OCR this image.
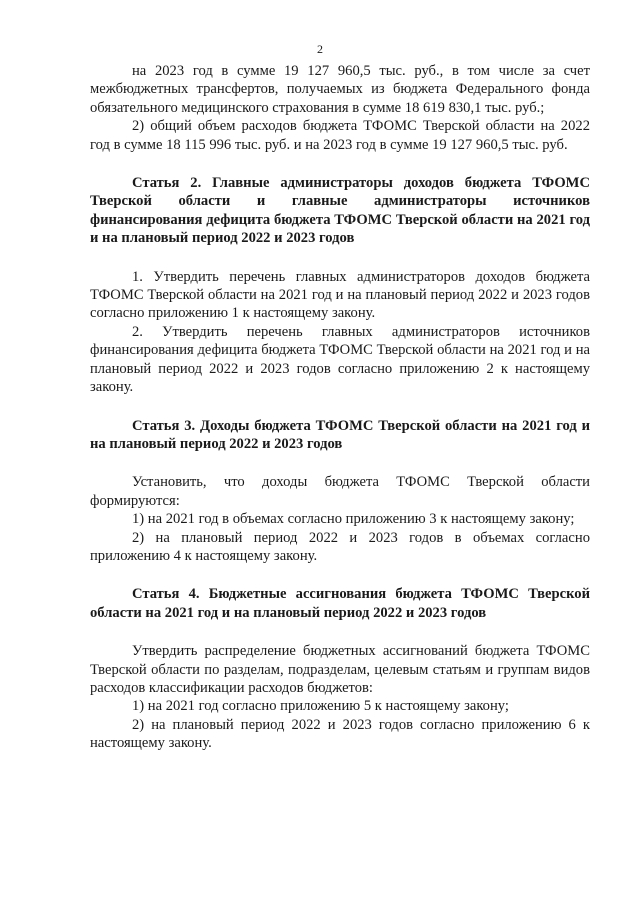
2

на 2023 год в сумме 19 127 960,5 тыс. руб., в том числе за счет межбюджетных трансфертов, получаемых из бюджета Федерального фонда обязательного медицинского страхования в сумме 18 619 830,1 тыс. руб.;

2) общий объем расходов бюджета ТФОМС Тверской области на 2022 год в сумме 18 115 996 тыс. руб. и на 2023 год в сумме 19 127 960,5 тыс. руб.

Статья 2. Главные администраторы доходов бюджета ТФОМС Тверской области и главные администраторы источников финансирования дефицита бюджета ТФОМС Тверской области на 2021 год и на плановый период 2022 и 2023 годов

1. Утвердить перечень главных администраторов доходов бюджета ТФОМС Тверской области на 2021 год и на плановый период 2022 и 2023 годов согласно приложению 1 к настоящему закону.

2. Утвердить перечень главных администраторов источников финансирования дефицита бюджета ТФОМС Тверской области на 2021 год и на плановый период 2022 и 2023 годов согласно приложению 2 к настоящему закону.

Статья 3. Доходы бюджета ТФОМС Тверской области на 2021 год и на плановый период 2022 и 2023 годов

Установить, что доходы бюджета ТФОМС Тверской области формируются:

1) на 2021 год в объемах согласно приложению 3 к настоящему закону;

2) на плановый период 2022 и 2023 годов в объемах согласно приложению 4 к настоящему закону.

Статья 4. Бюджетные ассигнования бюджета ТФОМС Тверской области на 2021 год и на плановый период 2022 и 2023 годов

Утвердить распределение бюджетных ассигнований бюджета ТФОМС Тверской области по разделам, подразделам, целевым статьям и группам видов расходов классификации расходов бюджетов:

1) на 2021 год согласно приложению 5 к настоящему закону;

2) на плановый период 2022 и 2023 годов согласно приложению 6 к настоящему закону.
